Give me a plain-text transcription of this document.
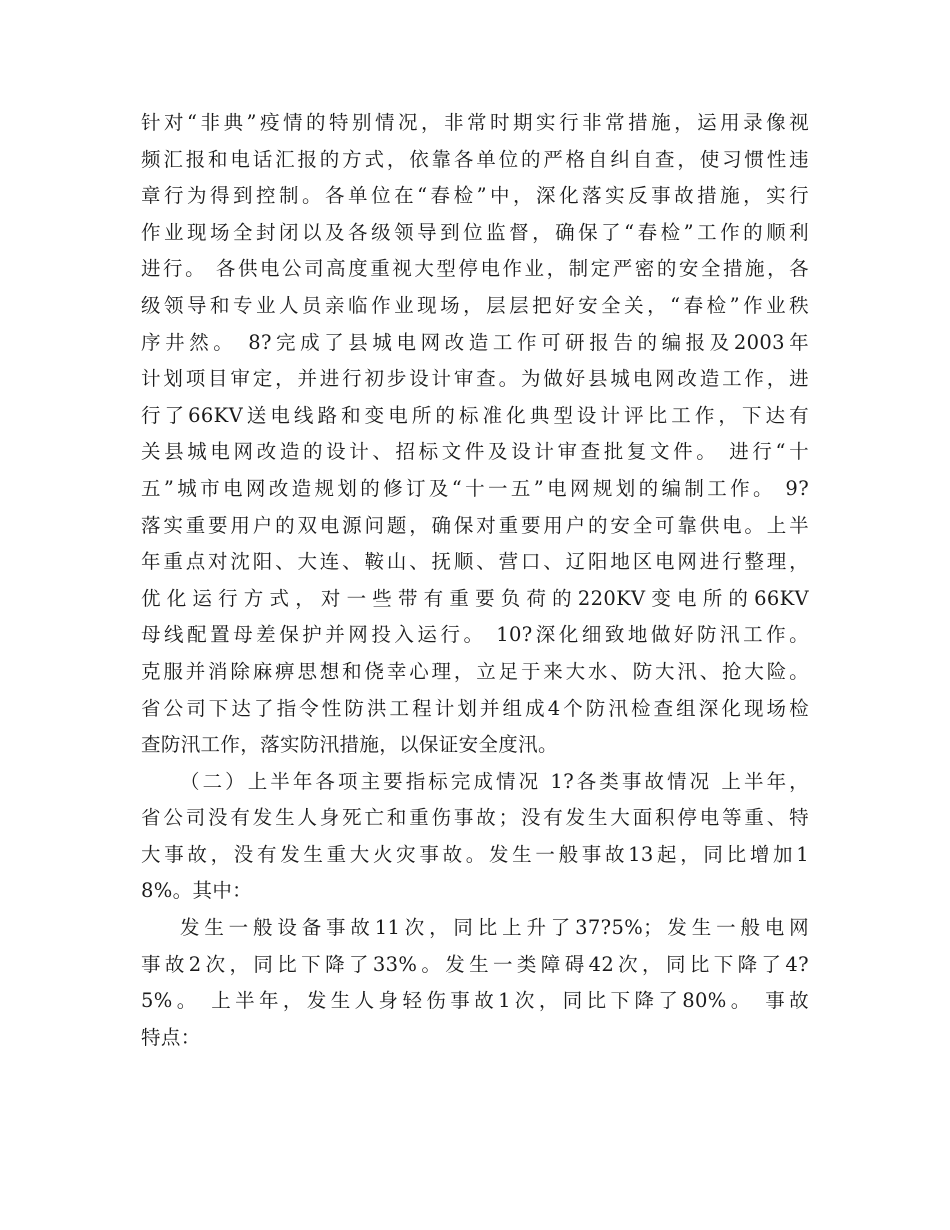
针对“非典”疫情的特别情况，非常时期实行非常措施，运用录像视
频汇报和电话汇报的方式，依靠各单位的严格自纠自查，使习惯性违
章行为得到控制。各单位在“春检”中，深化落实反事故措施，实行
作业现场全封闭以及各级领导到位监督，确保了“春检”工作的顺利
进行。 各供电公司高度重视大型停电作业，制定严密的安全措施，各
级领导和专业人员亲临作业现场，层层把好安全关，“春检”作业秩
序井然。 8?完成了县城电网改造工作可研报告的编报及2003年
计划项目审定，并进行初步设计审查。为做好县城电网改造工作，进
行了66KV送电线路和变电所的标准化典型设计评比工作，下达有
关县城电网改造的设计、招标文件及设计审查批复文件。 进行“十
五”城市电网改造规划的修订及“十一五”电网规划的编制工作。 9?
落实重要用户的双电源问题，确保对重要用户的安全可靠供电。上半
年重点对沈阳、大连、鞍山、抚顺、营口、辽阳地区电网进行整理，
优化运行方式，对一些带有重要负荷的220KV变电所的66KV
母线配置母差保护并网投入运行。 10?深化细致地做好防汛工作。
克服并消除麻痹思想和侥幸心理，立足于来大水、防大汛、抢大险。
省公司下达了指令性防洪工程计划并组成4个防汛检查组深化现场检
查防汛工作，落实防汛措施，以保证安全度汛。

（二）上半年各项主要指标完成情况 1?各类事故情况 上半年，
省公司没有发生人身死亡和重伤事故；没有发生大面积停电等重、特
大事故，没有发生重大火灾事故。发生一般事故13起，同比增加1
8%。其中：

发生一般设备事故11次，同比上升了37?5%；发生一般电网
事故2次，同比下降了33%。发生一类障碍42次，同比下降了4?
5%。 上半年，发生人身轻伤事故1次，同比下降了80%。 事故
特点：
